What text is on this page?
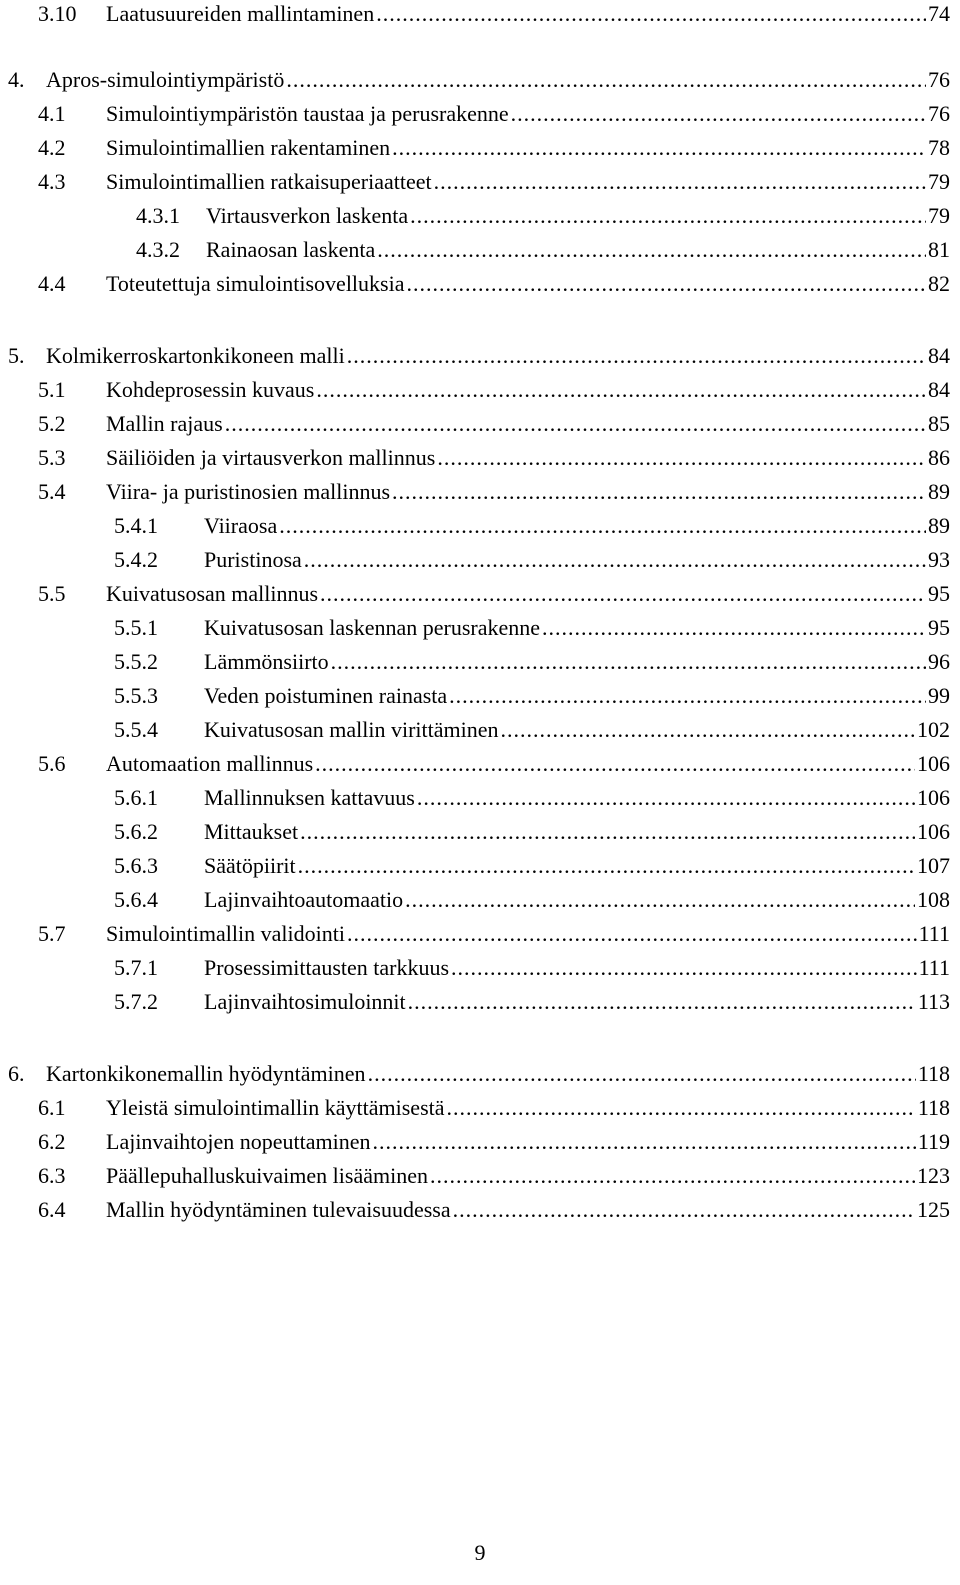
3.10	Laatusuureiden mallintaminen .....	74
4. Apros-simulointiympäristö .....	76
4.1	Simulointiympäristön taustaa ja perusrakenne .....	76
4.2	Simulointimallien rakentaminen .....	78
4.3	Simulointimallien ratkaisuperiaatteet .....	79
4.3.1	Virtausverkon laskenta .....	79
4.3.2	Rainaosan laskenta .....	81
4.4	Toteutettuja simulointisovelluksia .....	82
5. Kolmikerroskartonkikoneen malli .....	84
5.1	Kohdeprosessin kuvaus .....	84
5.2	Mallin rajaus .....	85
5.3	Säiliöiden ja virtausverkon mallinnus .....	86
5.4	Viira- ja puristinosien mallinnus .....	89
5.4.1	Viiraosa .....	89
5.4.2	Puristinosa .....	93
5.5	Kuivatusosan mallinnus .....	95
5.5.1	Kuivatusosan laskennan perusrakenne .....	95
5.5.2	Lämmönsiirto .....	96
5.5.3	Veden poistuminen rainasta .....	99
5.5.4	Kuivatusosan mallin virittäminen .....	102
5.6	Automaation mallinnus .....	106
5.6.1	Mallinnuksen kattavuus .....	106
5.6.2	Mittaukset .....	106
5.6.3	Säätöpiirit .....	107
5.6.4	Lajinvaihtoautomaatio .....	108
5.7	Simulointimallin validointi .....	111
5.7.1	Prosessimittausten tarkkuus .....	111
5.7.2	Lajinvaihtosimuloinnit .....	113
6. Kartonkikonemallin hyödyntäminen .....	118
6.1	Yleistä simulointimallin käyttämisestä .....	118
6.2	Lajinvaihtojen nopeuttaminen .....	119
6.3	Päällepuhalluskuivaimen lisääminen .....	123
6.4	Mallin hyödyntäminen tulevaisuudessa .....	125
9
